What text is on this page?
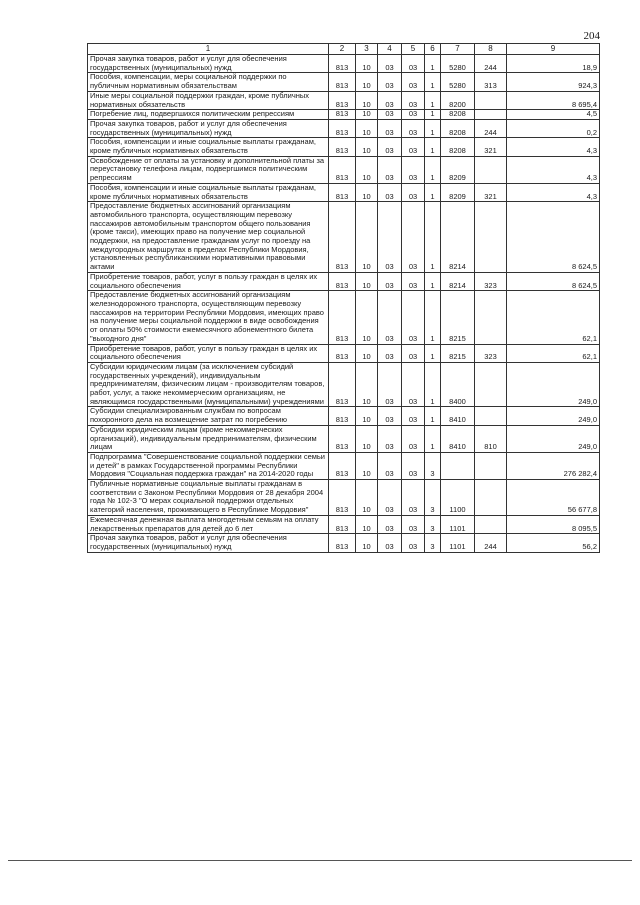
204
1	2	3	4	5	6	7	8	9
Прочая закупка товаров, работ и услуг для обеспечения государственных (муниципальных) нужд	813	10	03	03	1	5280	244	18,9
Пособия, компенсации, меры социальной поддержки по публичным нормативным обязательствам	813	10	03	03	1	5280	313	924,3
Иные меры социальной поддержки граждан, кроме публичных нормативных обязательств	813	10	03	03	1	8200		8 695,4
Погребение лиц, подвергшихся политическим репрессиям	813	10	03	03	1	8208		4,5
Прочая закупка товаров, работ и услуг для обеспечения государственных (муниципальных) нужд	813	10	03	03	1	8208	244	0,2
Пособия, компенсации и иные социальные выплаты гражданам, кроме публичных нормативных обязательств	813	10	03	03	1	8208	321	4,3
Освобождение от оплаты за установку и дополнительной платы за переустановку телефона лицам, подвергшимся политическим репрессиям	813	10	03	03	1	8209		4,3
Пособия, компенсации и иные социальные выплаты гражданам, кроме публичных нормативных обязательств	813	10	03	03	1	8209	321	4,3
Предоставление бюджетных ассигнований организациям автомобильного транспорта, осуществляющим перевозку пассажиров автомобильным транспортом общего пользования (кроме такси), имеющих право на получение мер социальной поддержки, на предоставление гражданам услуг по проезду на междугородных маршрутах в пределах Республики Мордовия, установленных республиканскими нормативными правовыми актами	813	10	03	03	1	8214		8 624,5
Приобретение товаров, работ, услуг в пользу граждан в целях их социального обеспечения	813	10	03	03	1	8214	323	8 624,5
Предоставление бюджетных ассигнований организациям железнодорожного транспорта, осуществляющим перевозку пассажиров на территории Республики Мордовия, имеющих право на получение меры социальной поддержки в виде освобождения от оплаты 50% стоимости ежемесячного абонементного билета "выходного дня"	813	10	03	03	1	8215		62,1
Приобретение товаров, работ, услуг в пользу граждан в целях их социального обеспечения	813	10	03	03	1	8215	323	62,1
Субсидии юридическим лицам (за исключением субсидий государственных учреждений), индивидуальным предпринимателям, физическим лицам - производителям товаров, работ, услуг, а также некоммерческим организациям, не являющимся государственными (муниципальными) учреждениями	813	10	03	03	1	8400		249,0
Субсидии специализированным службам по вопросам похоронного дела на возмещение затрат по погребению	813	10	03	03	1	8410		249,0
Субсидии юридическим лицам (кроме некоммерческих организаций), индивидуальным предпринимателям, физическим лицам	813	10	03	03	1	8410	810	249,0
Подпрограмма "Совершенствование социальной поддержки семьи и детей" в рамках Государственной программы Республики Мордовия "Социальная поддержка граждан" на 2014-2020 годы	813	10	03	03	3			276 282,4
Публичные нормативные социальные выплаты гражданам в соответствии с Законом Республики Мордовия от 28 декабря 2004 года № 102-З "О мерах социальной поддержки отдельных категорий населения, проживающего в Республике Мордовия"	813	10	03	03	3	1100		56 677,8
Ежемесячная денежная выплата многодетным семьям на оплату лекарственных препаратов для детей до 6 лет	813	10	03	03	3	1101		8 095,5
Прочая закупка товаров, работ и услуг для обеспечения государственных (муниципальных) нужд	813	10	03	03	3	1101	244	56,2
